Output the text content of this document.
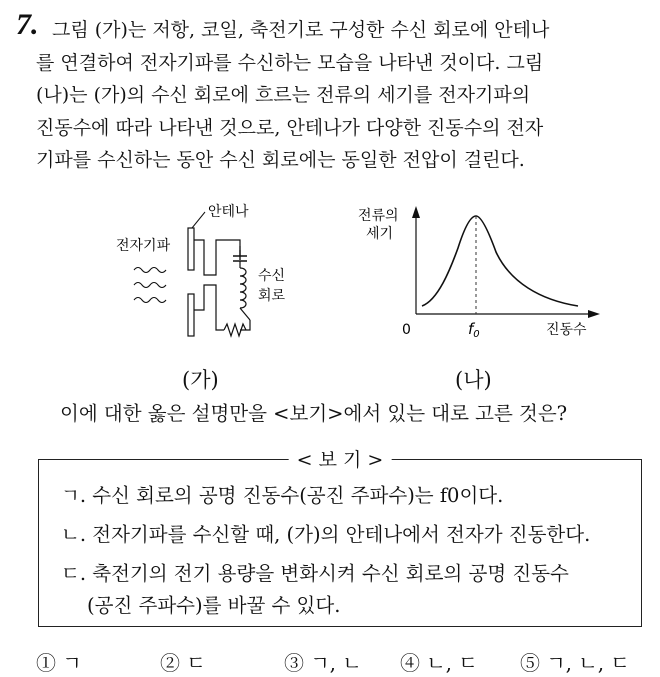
7. 그림 (가)는 저항, 코일, 축전기로 구성한 수신 회로에 안테나
를 연결하여 전자기파를 수신하는 모습을 나타낸 것이다. 그림
(나)는 (가)의 수신 회로에 흐르는 전류의 세기를 전자기파의
진동수에 따라 나타낸 것으로, 안테나가 다양한 진동수의 전자
기파를 수신하는 동안 수신 회로에는 동일한 전압이 걸린다.
안테나
전자기파
수신
회로
(가)
전류의
세기
0	$f_0$	진동수
(나)
이에 대한 옳은 설명만을 <보기>에서 있는 대로 고른 것은?
< 보 기 >
ㄱ. 수신 회로의 공명 진동수(공진 주파수)는 f0이다.
ㄴ. 전자기파를 수신할 때, (가)의 안테나에서 전자가 진동한다.
ㄷ. 축전기의 전기 용량을 변화시켜 수신 회로의 공명 진동수
(공진 주파수)를 바꿀 수 있다.
① ㄱ	② ㄷ	③ ㄱ, ㄴ ④ ㄴ, ㄷ ⑤ ㄱ, ㄴ, ㄷ
